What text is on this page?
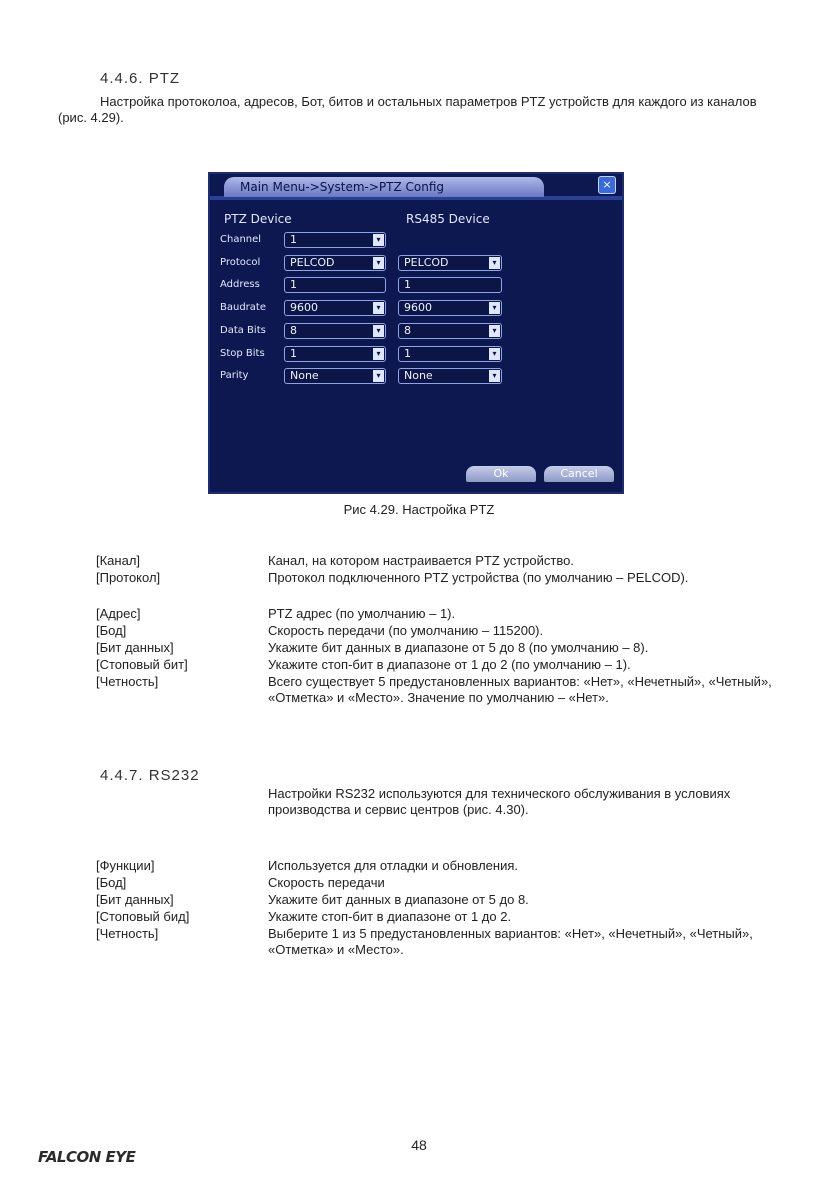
4.4.6. PTZ
Настройка протоколоа, адресов, Бот, битов и остальных параметров PTZ устройств для каждого из каналов (рис. 4.29).
Main Menu->System->PTZ Config	×
PTZ Device	RS485 Device
Channel	1	▾
Protocol	PELCOD	▾	PELCOD	▾
Address	1	1
Baudrate	9600	▾	9600	▾
Data Bits	8	▾	8	▾
Stop Bits	1	▾	1	▾
Parity	None	▾	None	▾
Ok	Cancel
Рис 4.29. Настройка PTZ
[Канал]	Канал, на котором настраивается PTZ устройство.
[Протокол]	Протокол подключенного PTZ устройства (по умолчанию – PELCOD).
[Адрес]	PTZ адрес (по умолчанию – 1).
[Бод]	Скорость передачи (по умолчанию – 115200).
[Бит данных]	Укажите бит данных в диапазоне от 5 до 8 (по умолчанию – 8).
[Стоповый бит]	Укажите стоп-бит в диапазоне от 1 до 2 (по умолчанию – 1).
[Четность]	Всего существует 5 предустановленных вариантов: «Нет», «Нечетный», «Четный», «Отметка» и «Место». Значение по умолчанию – «Нет».
4.4.7. RS232
Настройки RS232 используются для технического обслуживания в условиях производства и сервис центров (рис. 4.30).
[Функции]	Используется для отладки и обновления.
[Бод]	Скорость передачи
[Бит данных]	Укажите бит данных в диапазоне от 5 до 8.
[Стоповый бид]	Укажите стоп-бит в диапазоне от 1 до 2.
[Четность]	Выберите 1 из 5 предустановленных вариантов: «Нет», «Нечетный», «Четный», «Отметка» и «Место».
FALCON EYE
48
